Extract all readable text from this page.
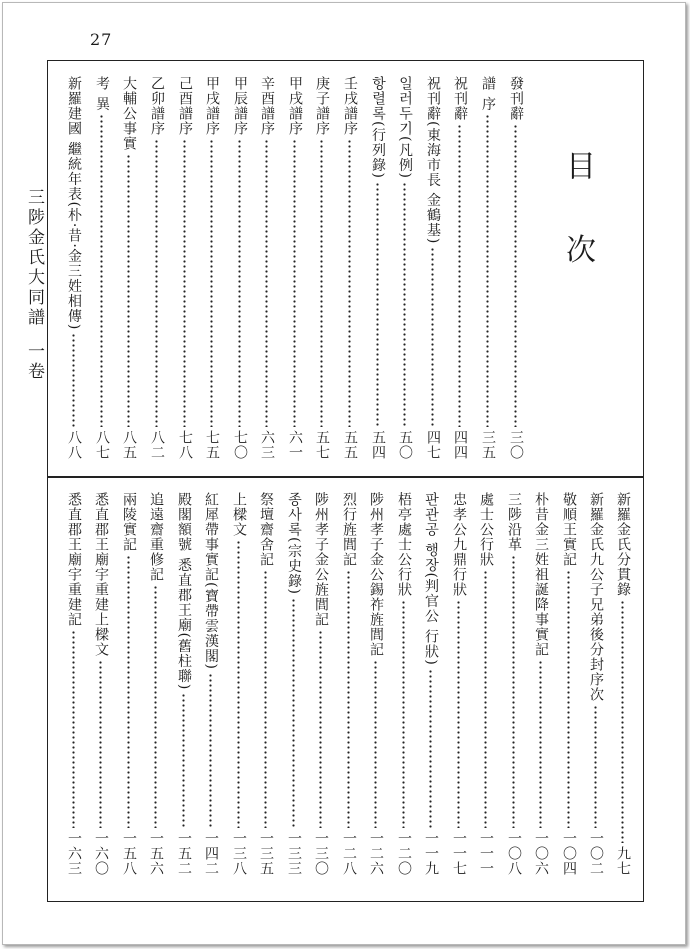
27
三陟金氏大同譜一卷
目 次
發刊辭
三〇
譜 序
三五
祝刊辭
四四
祝刊辭(東海市長 金鶴基)
四七
일러두기(凡例)
五〇
항렬록(行列錄)
五四
壬戌譜序
五五
庚子譜序
五七
甲戌譜序
六一
辛酉譜序
六三
甲辰譜序
七〇
甲戌譜序
七五
己酉譜序
七八
乙卯譜序
八二
大輔公事實
八五
考 異
八七
新羅建國 繼統年表(朴·昔·金三姓相傳)
八八
新羅金氏分貫錄
九七
新羅金氏九公子兄弟後分封序次
一〇二
敬順王實記
一〇四
朴昔金三姓祖誕降事實記
一〇六
三陟沿革
一〇八
處士公行狀
一一一
忠孝公九鼎行狀
一一七
판관공 행장(判官公 行狀)
一一九
梧亭處士公行狀
一二〇
陟州孝子金公錫祚旌閭記
一二六
烈行旌閭記
一二八
陟州孝子金公旌閭記
一三〇
종사록(宗史錄)
一三三
祭壇齋舍記
一三五
上樑文
一三八
紅犀帶事實記(寶帶雲漢閣)
一四二
殿閣額號 悉直郡王廟(舊柱聯)
一五二
追遠齋重修記
一五六
兩陵實記
一五八
悉直郡王廟宇重建上樑文
一六〇
悉直郡王廟宇重建記
一六三
